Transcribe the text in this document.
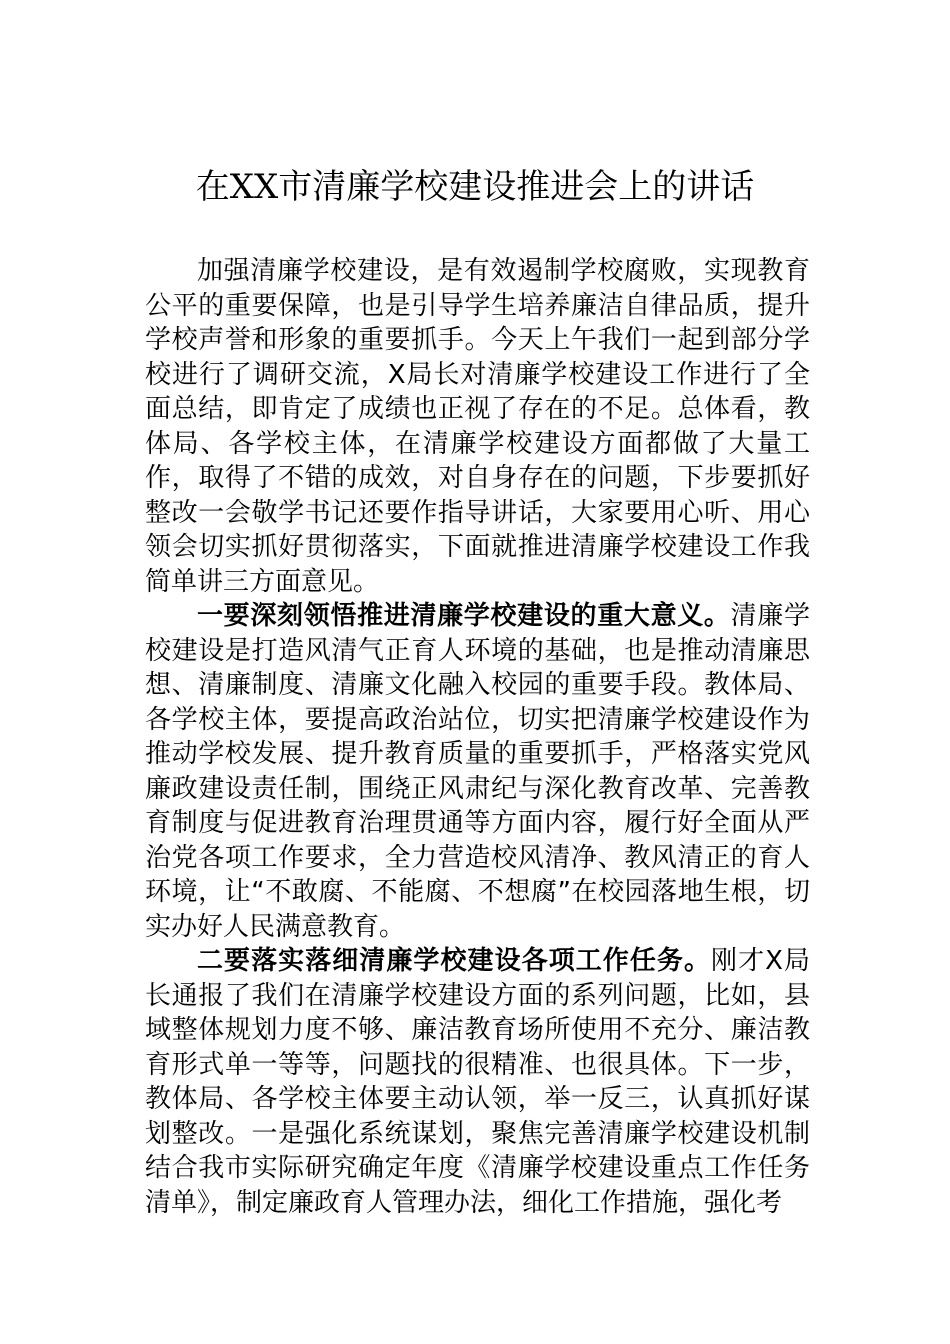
在XX市清廉学校建设推进会上的讲话

加强清廉学校建设，是有效遏制学校腐败，实现教育公平的重要保障，也是引导学生培养廉洁自律品质，提升学校声誉和形象的重要抓手。今天上午我们一起到部分学校进行了调研交流，X局长对清廉学校建设工作进行了全面总结，即肯定了成绩也正视了存在的不足。总体看，教体局、各学校主体，在清廉学校建设方面都做了大量工作，取得了不错的成效，对自身存在的问题，下步要抓好整改一会敬学书记还要作指导讲话，大家要用心听、用心领会切实抓好贯彻落实，下面就推进清廉学校建设工作我简单讲三方面意见。

一要深刻领悟推进清廉学校建设的重大意义。清廉学校建设是打造风清气正育人环境的基础，也是推动清廉思想、清廉制度、清廉文化融入校园的重要手段。教体局、各学校主体，要提高政治站位，切实把清廉学校建设作为推动学校发展、提升教育质量的重要抓手，严格落实党风廉政建设责任制，围绕正风肃纪与深化教育改革、完善教育制度与促进教育治理贯通等方面内容，履行好全面从严治党各项工作要求，全力营造校风清净、教风清正的育人环境，让“不敢腐、不能腐、不想腐”在校园落地生根，切实办好人民满意教育。

二要落实落细清廉学校建设各项工作任务。刚才X局长通报了我们在清廉学校建设方面的系列问题，比如，县域整体规划力度不够、廉洁教育场所使用不充分、廉洁教育形式单一等等，问题找的很精准、也很具体。下一步，教体局、各学校主体要主动认领，举一反三，认真抓好谋划整改。一是强化系统谋划，聚焦完善清廉学校建设机制结合我市实际研究确定年度《清廉学校建设重点工作任务清单》，制定廉政育人管理办法，细化工作措施，强化考
